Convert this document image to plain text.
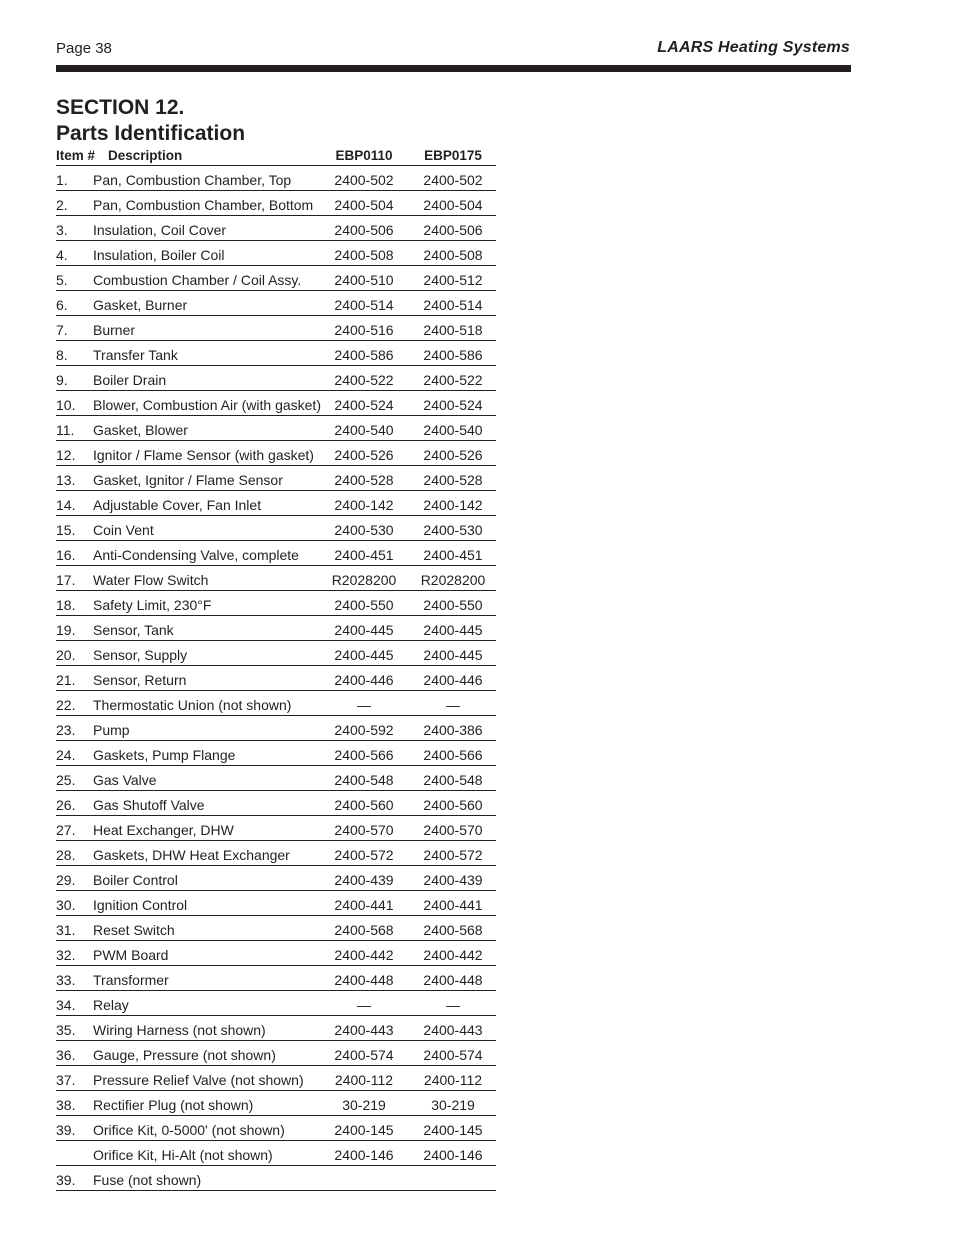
Page 38	LAARS Heating Systems
SECTION 12.
Parts Identification
Item # Description	EBP0110	EBP0175
1. Pan, Combustion Chamber, Top	2400-502	2400-502
2. Pan, Combustion Chamber, Bottom	2400-504	2400-504
3. Insulation, Coil Cover	2400-506	2400-506
4. Insulation, Boiler Coil	2400-508	2400-508
5. Combustion Chamber / Coil Assy.	2400-510	2400-512
6. Gasket, Burner	2400-514	2400-514
7. Burner	2400-516	2400-518
8. Transfer Tank	2400-586	2400-586
9. Boiler Drain	2400-522	2400-522
10. Blower, Combustion Air (with gasket) 2400-524	2400-524
11. Gasket, Blower	2400-540	2400-540
12. Ignitor / Flame Sensor (with gasket)	2400-526	2400-526
13. Gasket, Ignitor / Flame Sensor	2400-528	2400-528
14. Adjustable Cover, Fan Inlet	2400-142	2400-142
15. Coin Vent	2400-530	2400-530
16. Anti-Condensing Valve, complete	2400-451	2400-451
17. Water Flow Switch	R2028200	R2028200
18. Safety Limit, 230°F	2400-550	2400-550
19. Sensor, Tank	2400-445	2400-445
20. Sensor, Supply	2400-445	2400-445
21. Sensor, Return	2400-446	2400-446
22. Thermostatic Union (not shown)	—	—
23. Pump	2400-592	2400-386
24. Gaskets, Pump Flange	2400-566	2400-566
25. Gas Valve	2400-548	2400-548
26. Gas Shutoff Valve	2400-560	2400-560
27. Heat Exchanger, DHW	2400-570	2400-570
28. Gaskets, DHW Heat Exchanger	2400-572	2400-572
29. Boiler Control	2400-439	2400-439
30. Ignition Control	2400-441	2400-441
31. Reset Switch	2400-568	2400-568
32. PWM Board	2400-442	2400-442
33. Transformer	2400-448	2400-448
34. Relay	—	—
35. Wiring Harness (not shown)	2400-443	2400-443
36. Gauge, Pressure (not shown)	2400-574	2400-574
37. Pressure Relief Valve (not shown)	2400-112	2400-112
38. Rectifier Plug (not shown)	30-219	30-219
39. Orifice Kit, 0-5000' (not shown)	2400-145	2400-145
Orifice Kit, Hi-Alt (not shown)	2400-146	2400-146
39. Fuse (not shown)
